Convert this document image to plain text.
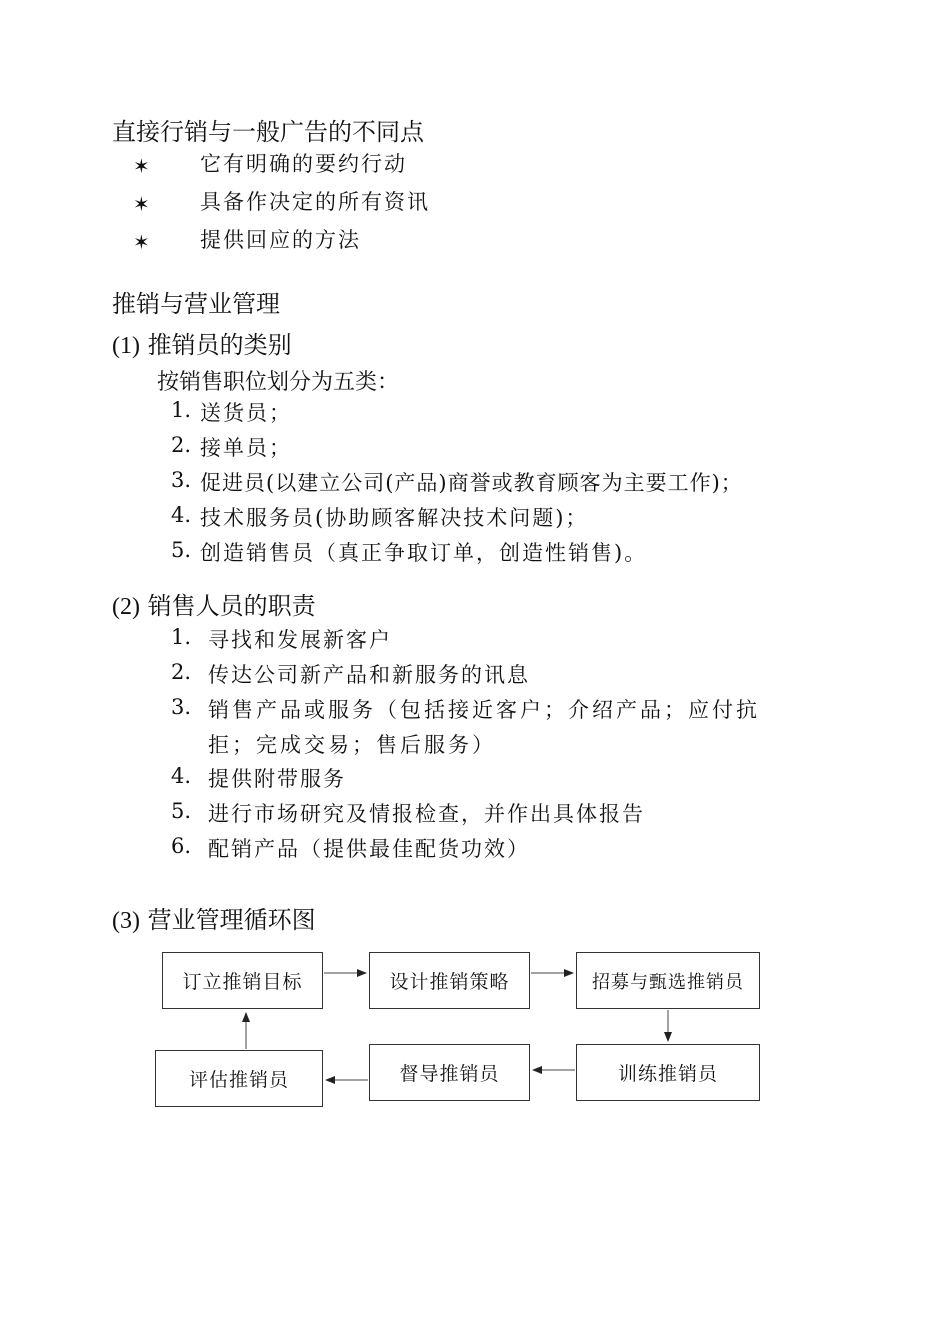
直接行销与一般广告的不同点
✶ 它有明确的要约行动
✶ 具备作决定的所有资讯
✶ 提供回应的方法
推销与营业管理
(1) 推销员的类别
按销售职位划分为五类：
1. 送货员；
2. 接单员；
3. 促进员(以建立公司(产品)商誉或教育顾客为主要工作)；
4. 技术服务员(协助顾客解决技术问题)；
5. 创造销售员（真正争取订单，创造性销售)。
(2) 销售人员的职责
1. 寻找和发展新客户
2. 传达公司新产品和新服务的讯息
3. 销售产品或服务（包括接近客户；介绍产品；应付抗
拒；完成交易；售后服务）
4. 提供附带服务
5. 进行市场研究及情报检查，并作出具体报告
6. 配销产品（提供最佳配货功效）
(3) 营业管理循环图
订立推销目标	设计推销策略	招募与甄选推销员
训练推销员
督导推销员
评估推销员
